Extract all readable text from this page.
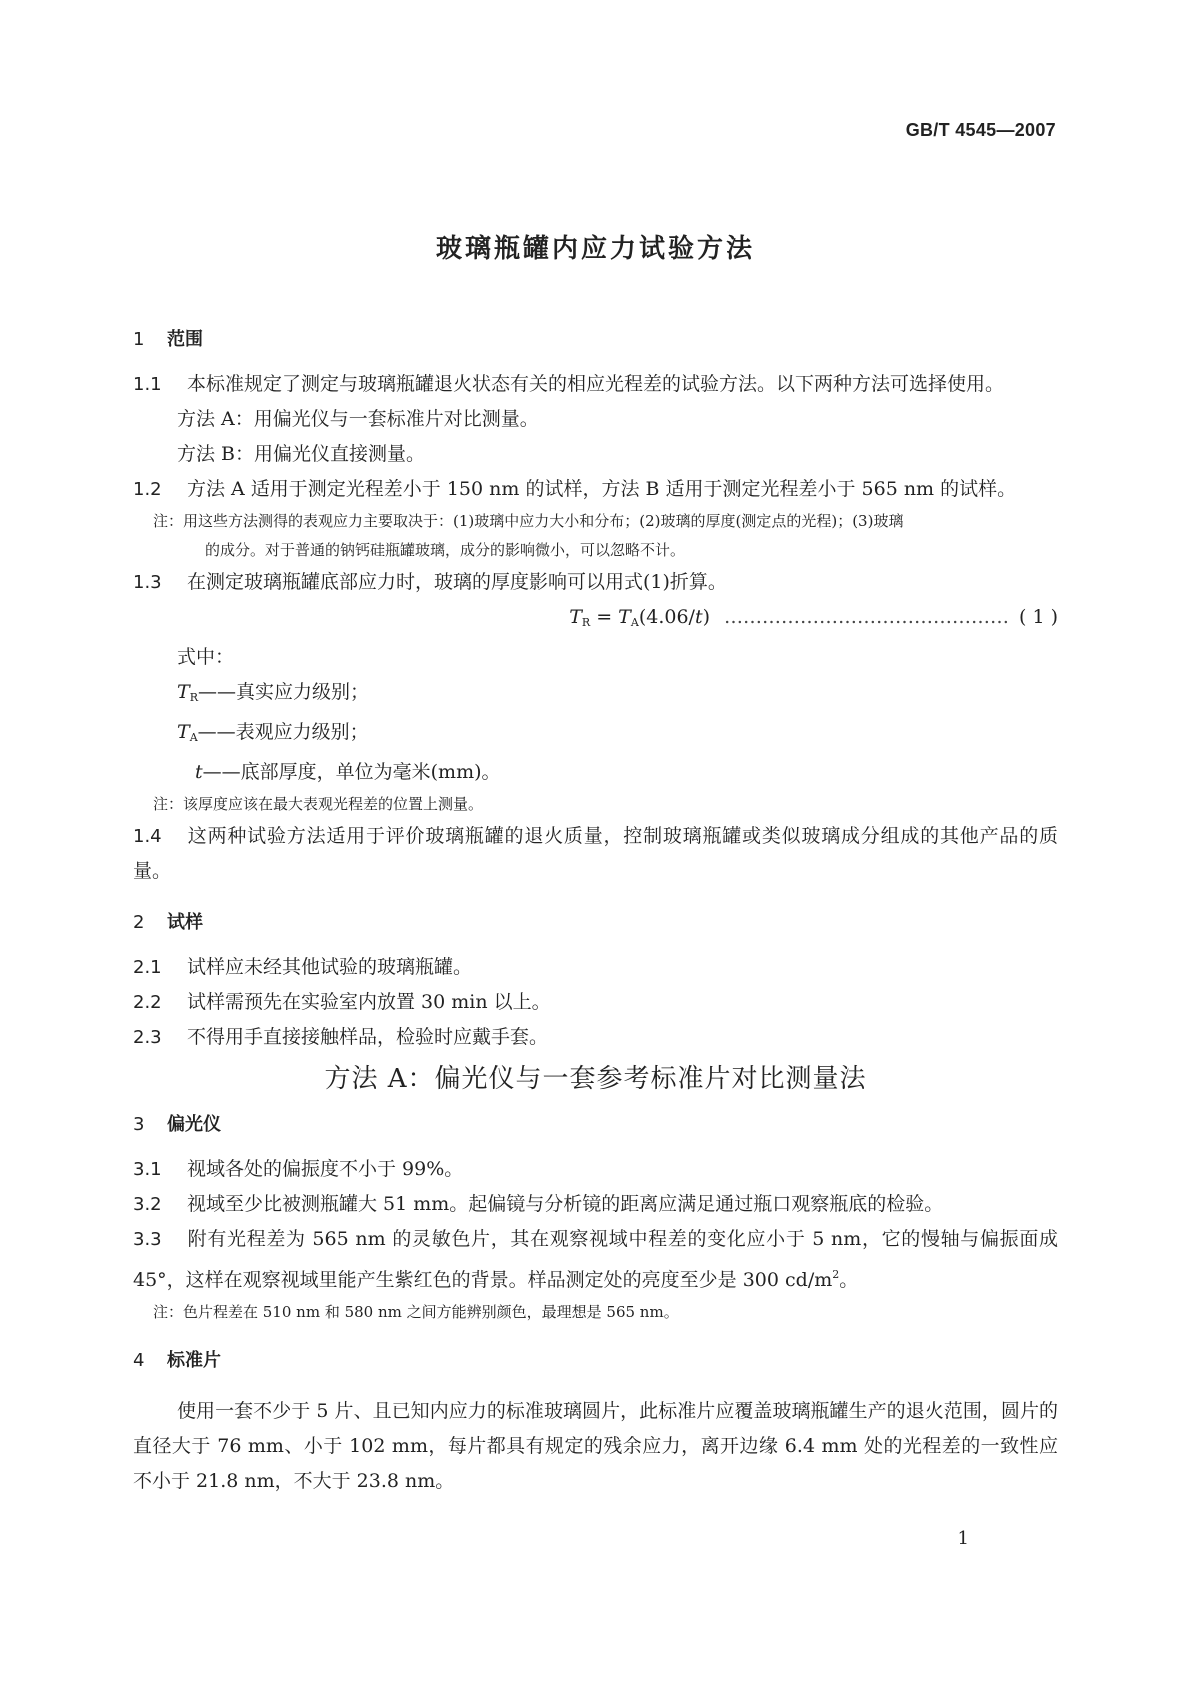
GB/T 4545—2007
玻璃瓶罐内应力试验方法

1 范围

1.1 本标准规定了测定与玻璃瓶罐退火状态有关的相应光程差的试验方法。以下两种方法可选择使用。

方法 A：用偏光仪与一套标准片对比测量。

方法 B：用偏光仪直接测量。

1.2 方法 A 适用于测定光程差小于 150 nm 的试样，方法 B 适用于测定光程差小于 565 nm 的试样。

注：用这些方法测得的表观应力主要取决于：(1)玻璃中应力大小和分布；(2)玻璃的厚度(测定点的光程)；(3)玻璃
的成分。对于普通的钠钙硅瓶罐玻璃，成分的影响微小，可以忽略不计。

1.3 在测定玻璃瓶罐底部应力时，玻璃的厚度影响可以用式(1)折算。

$T_R = T_A(4.06/t)$ ……………………………………… ( 1 )

式中：

$T_R——$真实应力级别；

$T_A——$表观应力级别；

t——底部厚度，单位为毫米(mm)。

注：该厚度应该在最大表观光程差的位置上测量。

1.4 这两种试验方法适用于评价玻璃瓶罐的退火质量，控制玻璃瓶罐或类似玻璃成分组成的其他产品的质量。

2 试样

2.1 试样应未经其他试验的玻璃瓶罐。

2.2 试样需预先在实验室内放置 30 min 以上。

2.3 不得用手直接接触样品，检验时应戴手套。

方法 A：偏光仪与一套参考标准片对比测量法

3 偏光仪

3.1 视域各处的偏振度不小于 99%。

3.2 视域至少比被测瓶罐大 51 mm。起偏镜与分析镜的距离应满足通过瓶口观察瓶底的检验。

3.3 附有光程差为 565 nm 的灵敏色片，其在观察视域中程差的变化应小于 5 nm，它的慢轴与偏振面成 45°，这样在观察视域里能产生紫红色的背景。样品测定处的亮度至少是 300 $cd/m^2$。

注：色片程差在 510 nm 和 580 nm 之间方能辨别颜色，最理想是 565 nm。

4 标准片

使用一套不少于 5 片、且已知内应力的标准玻璃圆片，此标准片应覆盖玻璃瓶罐生产的退火范围，圆片的直径大于 76 mm、小于 102 mm，每片都具有规定的残余应力，离开边缘 6.4 mm 处的光程差的一致性应不小于 21.8 nm，不大于 23.8 nm。

1
